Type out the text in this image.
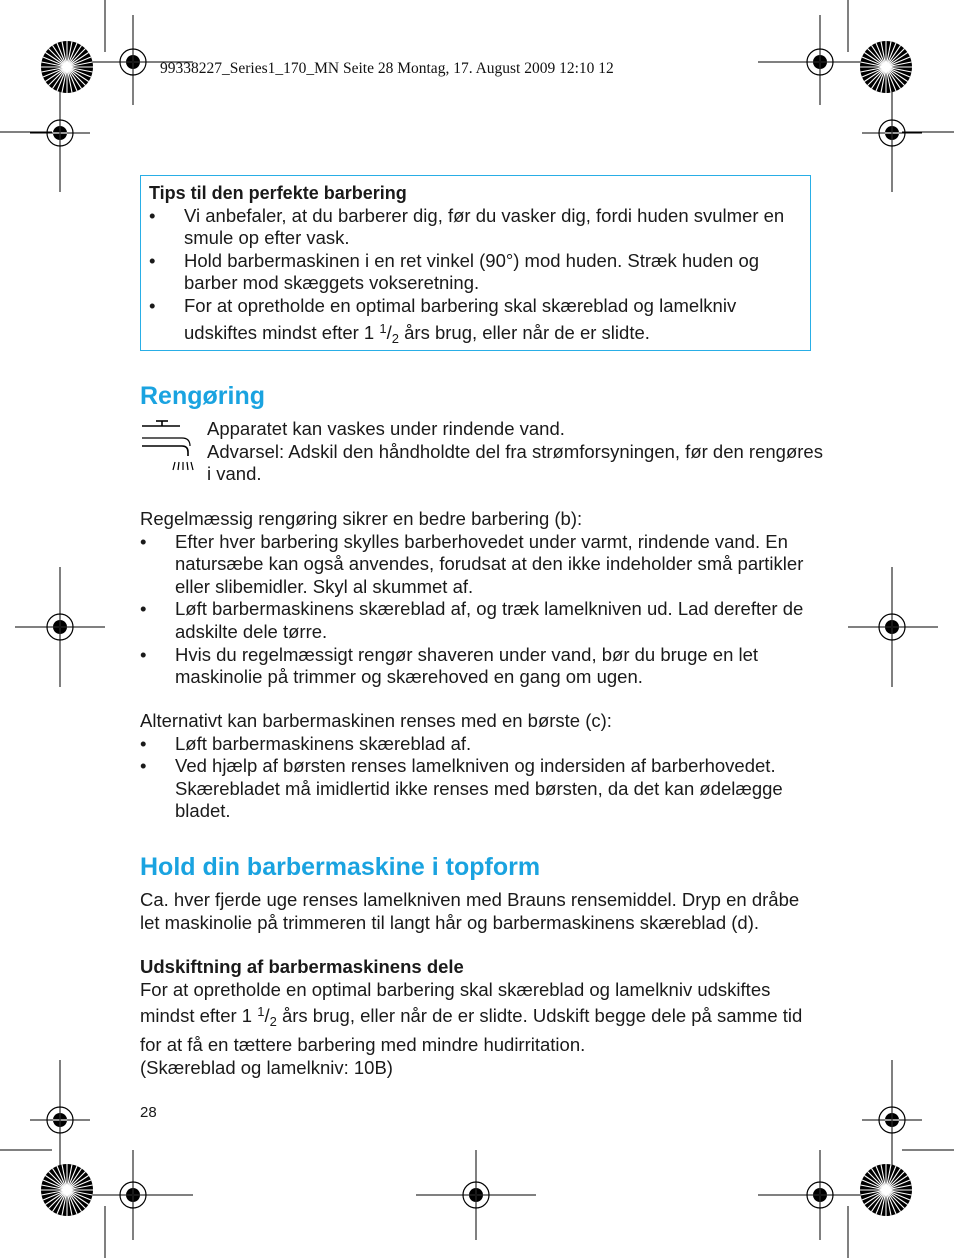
99338227_Series1_170_MN Seite 28 Montag, 17. August 2009 12:10 12
Tips til den perfekte barbering
• Vi anbefaler, at du barberer dig, før du vasker dig, fordi huden svulmer en smule op efter vask.
• Hold barbermaskinen i en ret vinkel (90°) mod huden. Stræk huden og barber mod skæggets vokseretning.
• For at opretholde en optimal barbering skal skæreblad og lamelkniv udskiftes mindst efter 1 $^1/_2$ års brug, eller når de er slidte.
Rengøring
Apparatet kan vaskes under rindende vand.
Advarsel: Adskil den håndholdte del fra strømforsyningen, før den rengøres i vand.
Regelmæssig rengøring sikrer en bedre barbering (b):
• Efter hver barbering skylles barberhovedet under varmt, rindende vand. En natursæbe kan også anvendes, forudsat at den ikke indeholder små partikler eller slibemidler. Skyl al skummet af.
• Løft barbermaskinens skæreblad af, og træk lamelkniven ud. Lad derefter de adskilte dele tørre.
• Hvis du regelmæssigt rengør shaveren under vand, bør du bruge en let maskinolie på trimmer og skærehoved en gang om ugen.
Alternativt kan barbermaskinen renses med en børste (c):
• Løft barbermaskinens skæreblad af.
• Ved hjælp af børsten renses lamelkniven og indersiden af barberhovedet. Skærebladet må imidlertid ikke renses med børsten, da det kan ødelægge bladet.
Hold din barbermaskine i topform
Ca. hver fjerde uge renses lamelkniven med Brauns rensemiddel. Dryp en dråbe let maskinolie på trimmeren til langt hår og barbermaskinens skæreblad (d).
Udskiftning af barbermaskinens dele
For at opretholde en optimal barbering skal skæreblad og lamelkniv udskiftes mindst efter 1 $^1/_2$ års brug, eller når de er slidte. Udskift begge dele på samme tid for at få en tættere barbering med mindre hudirritation.
(Skæreblad og lamelkniv: 10B)
28
